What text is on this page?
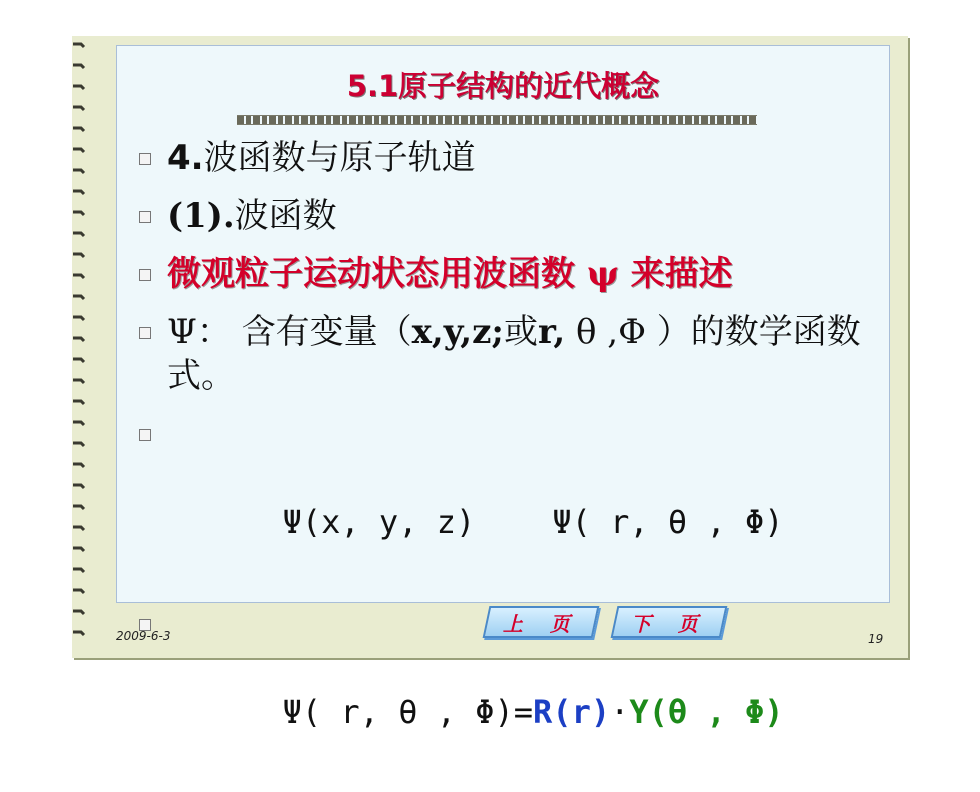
5.1原子结构的近代概念
4.波函数与原子轨道
(1).波函数
微观粒子运动状态用波函数 ψ 来描述
Ψ： 含有变量（x,y,z;或r, θ ,Φ ）的数学函数式。

Ψ(x, y, z)    Ψ( r, θ , Φ)

Ψ( r, θ , Φ)=R(r)·Y(θ , Φ)

2009-6-3	19
上 页	下 页
